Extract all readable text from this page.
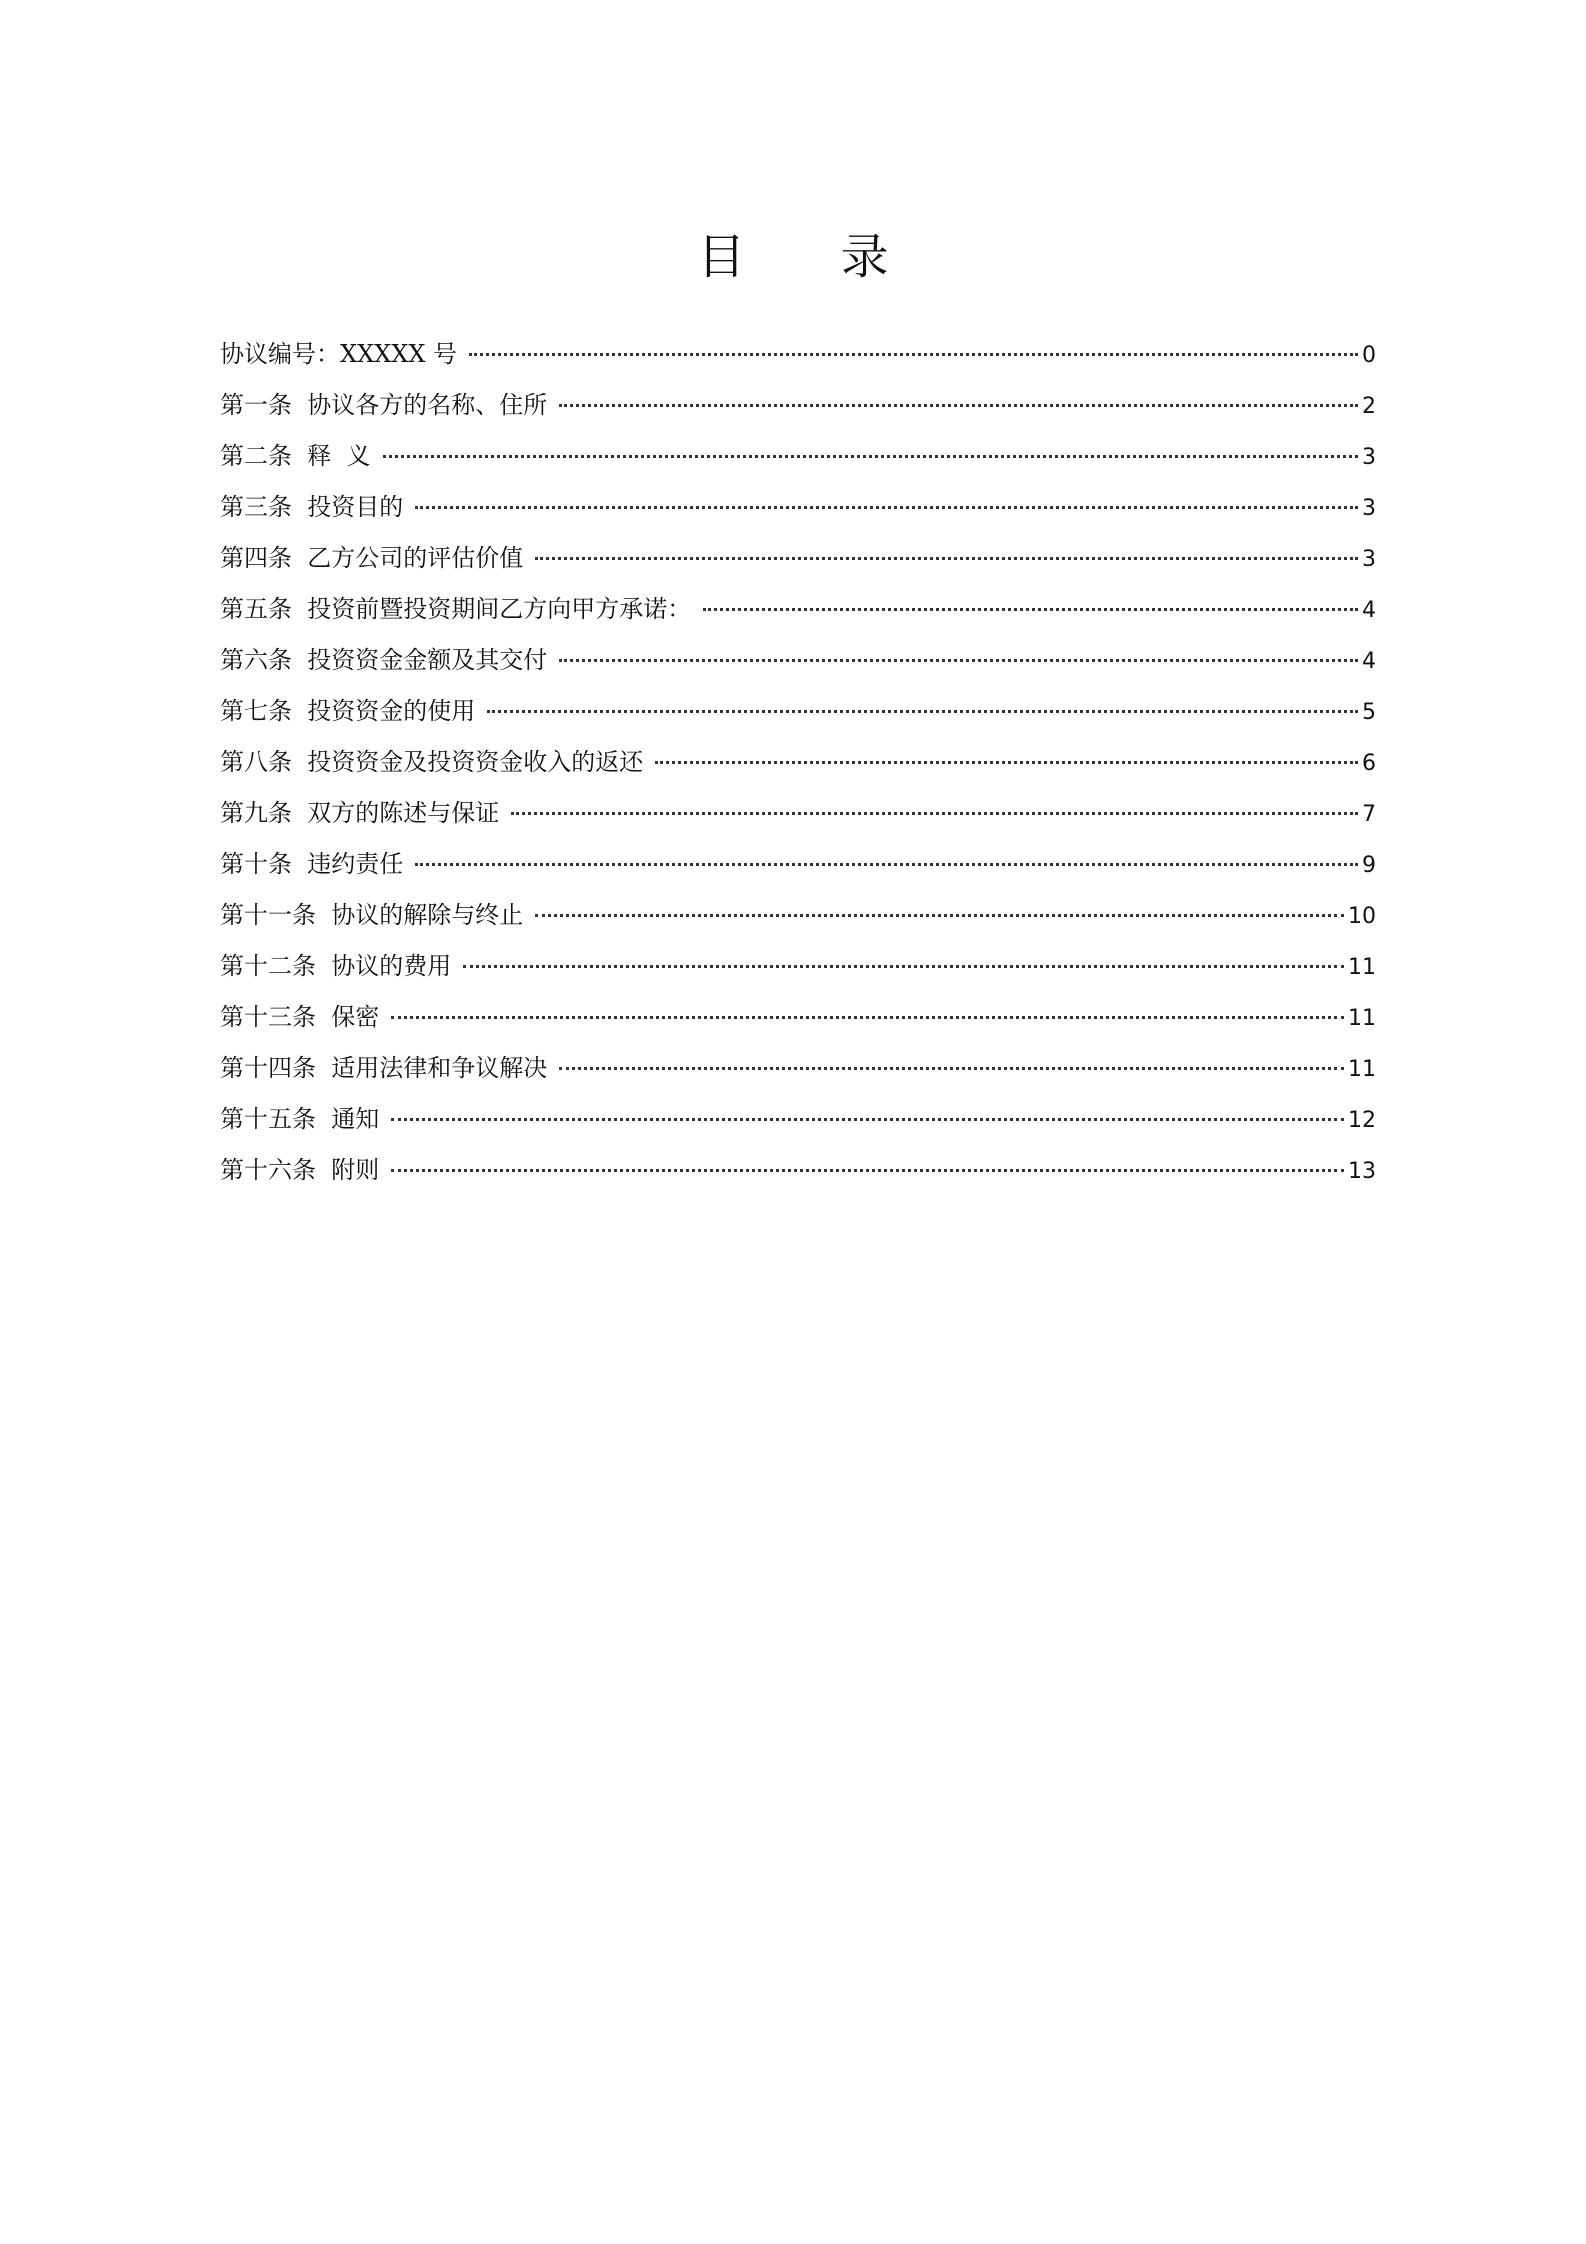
目 录
协议编号：XXXXX 号	0
第一条  协议各方的名称、住所	2
第二条  释  义	3
第三条  投资目的	3
第四条  乙方公司的评估价值	3
第五条  投资前暨投资期间乙方向甲方承诺：	4
第六条  投资资金金额及其交付	4
第七条  投资资金的使用	5
第八条  投资资金及投资资金收入的返还	6
第九条  双方的陈述与保证	7
第十条  违约责任	9
第十一条  协议的解除与终止	10
第十二条  协议的费用	11
第十三条  保密	11
第十四条  适用法律和争议解决	11
第十五条  通知	12
第十六条  附则	13
